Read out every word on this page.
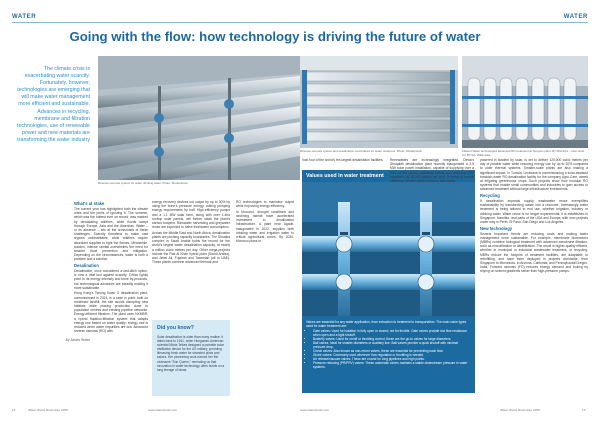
WATER
The climate crisis is exacerbating water scarcity. Fortunately, however, technologies are emerging that will make water management more efficient and sustainable. Advances in recycling, membrane and filtration technologies, use of renewable power and new materials are transforming the water industry
By James Rutter
Reverse osmosis system for water drinking water. Photo: Shutterstock
What's at stake

The current year has highlighted both the climate crisis and the perils of ignoring it. The summer, which was the hottest ever on record, was marked by devastating wildfires, while floods swept through Europe, Asia and the Americas. Water – or its absence – sits at the crossroads of these challenges. Scarcity threatens to make vast regions uninhabitable, while wildfires require abundant supplies to fight the flames. Meanwhile, sudden, intense rainfall overwhelms the need for smarter flood prevention and mitigation. Depending on the circumstances, water is both a problem and a solution.

Desalination

Desalination, once considered a last-ditch option, is now a vital tool against scarcity. Critics lightly point to its energy intensity and brine by-products, but technological advances are steadily making it more sustainable.

Hong Kong's Tseung Kwan O desalination plant, commissioned in 2024, is a case in point: built on reclaimed landfill, the site avoids disrupting new habitats while placing production close to population centres and existing pipeline networks. Energy-efficient filtration: The plant uses NXMBR, a hybrid flotation-filtration system that adapts energy use based on water quality; energy use is reduced when water impurities are low. Advanced reverse osmosis (RO) with

energy recovery devices cut output by up to 30% by using the brine's pressure energy, cutting pumping energy requirements by half. High-efficiency pumps and a 1.1 MW solar farm, along with over 1.4ha rooftop solar panels, will further slash the plant's carbon footprint. Rainwater harvesting and greywater reuse are expected to halve freshwater consumption.

Across the Middle East and North Africa, desalination plants are pushing capacity boundaries. The Shoaiba complex in Saudi Arabia holds the record for the world's largest water desalination capacity, at nearly a million cubic metres per day. Other mega-projects include the Ras Al Khair hybrid plant (Saudi Arabia), and Jebel Ali, Fujairah and Taweelah (all in UAE). These plants combine advanced thermal and

Did you know?
Solar desalination is older than many realise: it dates back to 1941, when Hungarian-American scientist Mária Telkes designed a portable solar distillation device for the US military, providing lifesaving fresh water for stranded pilots and sailors. Her pioneering work earned her the nickname "Sun Queen," reminding us that innovation in water technology often builds on a long lineage of ideas.

RO technologies to maximise output while improving energy efficiency.

In Morocco, drought conditions and declining rainfall have accelerated investment in desalination infrastructure. A plant near Agadir, inaugurated in 2022, supplies both drinking water and irrigation water to critical agricultural zones. By 2030, Morocco plans to

12	Water World November 2025	www.waterworld.com
WATER
Reverse osmosis system and desalination membranes for water treatment. Photo: Shutterstock	Filtered Water technologies advanced RO treatment at Tempers plant. By Sherfoirs – Own work. CC BY-SA. Wikimedia
Values used in water treatment
Valves are essential for any water application, from extraction to treatment to transportation. The main valve types used for water treatment are:
• Gate valves: Used for isolation in fully open or closed; not for throttle. Gate valves provide low flow resistance when open and a tight shutoff.
• Butterfly valves: Used for on/off or throttling control; these are the go-to valves for large diameters.
• Ball valves: Ideal for smaller diameters or auxiliary line. Ball valves provide a quick shutoff with minimal pressure drop.
• Check valves: Also known as non-return valves, these are essential for preventing back flow.
• Globe valves: Commonly used wherever flow regulation or throttling is needed.
• Air release/vacuum valves: These are crucial for long pipelines and high points.
• Pressure reducing (PR/PRV) valves: These automatic valves maintain a stable downstream pressure in water systems.

powered in tandem by solar, is set to deliver 120,000 cubic metres per day of potable water while reducing energy use by up to 30% compared to older thermal systems. Smaller-scale plants are also making a significant impact. In Tunisia, Lecksana is commissioning a solar-assisted brackish-water RO desalination facility for the company Agro-Care, aimed at irrigating greenhouse crops. Such projects show how modular RO systems that enable small communities and industries to gain access to advanced treatment without large infrastructure investments.

Recycling

If desalination expands supply, wastewater reuse exemplifies sustainability by transforming waste into a resource. Increasingly water treatment is being tailored to end use, whether irrigation, industry or drinking water. Water reuse is no longer experimental; it is established in Singapore, Namibia, and parts of the USA and Europe, with new projects under way in Perth, El Paso, San Diego and Los Angeles.

New technology

Several important trends are reducing costs and making water management more sustainable. For example, membrane bioreactors (MBRs) combine biological treatment with advanced membrane filtration, such as microfiltration or ultrafiltration. The result is higher-quality effluent, whether in municipal or industrial wastewater treatment, or recycling. MBRs reduce the footprint of treatment facilities, are adaptable to retrofitting, and have been deployed in projects worldwide, from Singapore to Minnesota. In Arizona, California, and Pennsylvania/Oregon, India, Forward osmosis (FO) reduces energy demand and fouling by relying on solvent gradients rather than high-pressure pumps.

www.waterworld.com	Water World November 2025	13
Going with the flow: how technology is driving the future of water

host four of the world's ten largest desalination facilities.	Renewables are increasingly integrated. Dewa's Shuqaiah desalination plant recently inaugurated a 2.5 MW solar power installation, capable of supplying over a third of the plant's electricity needs and reducing CO2 emissions by 10,000 tonnes per year. In terms of overall efficiency, Veolia's Mirfa 2 plant in Abu Dhabi,
